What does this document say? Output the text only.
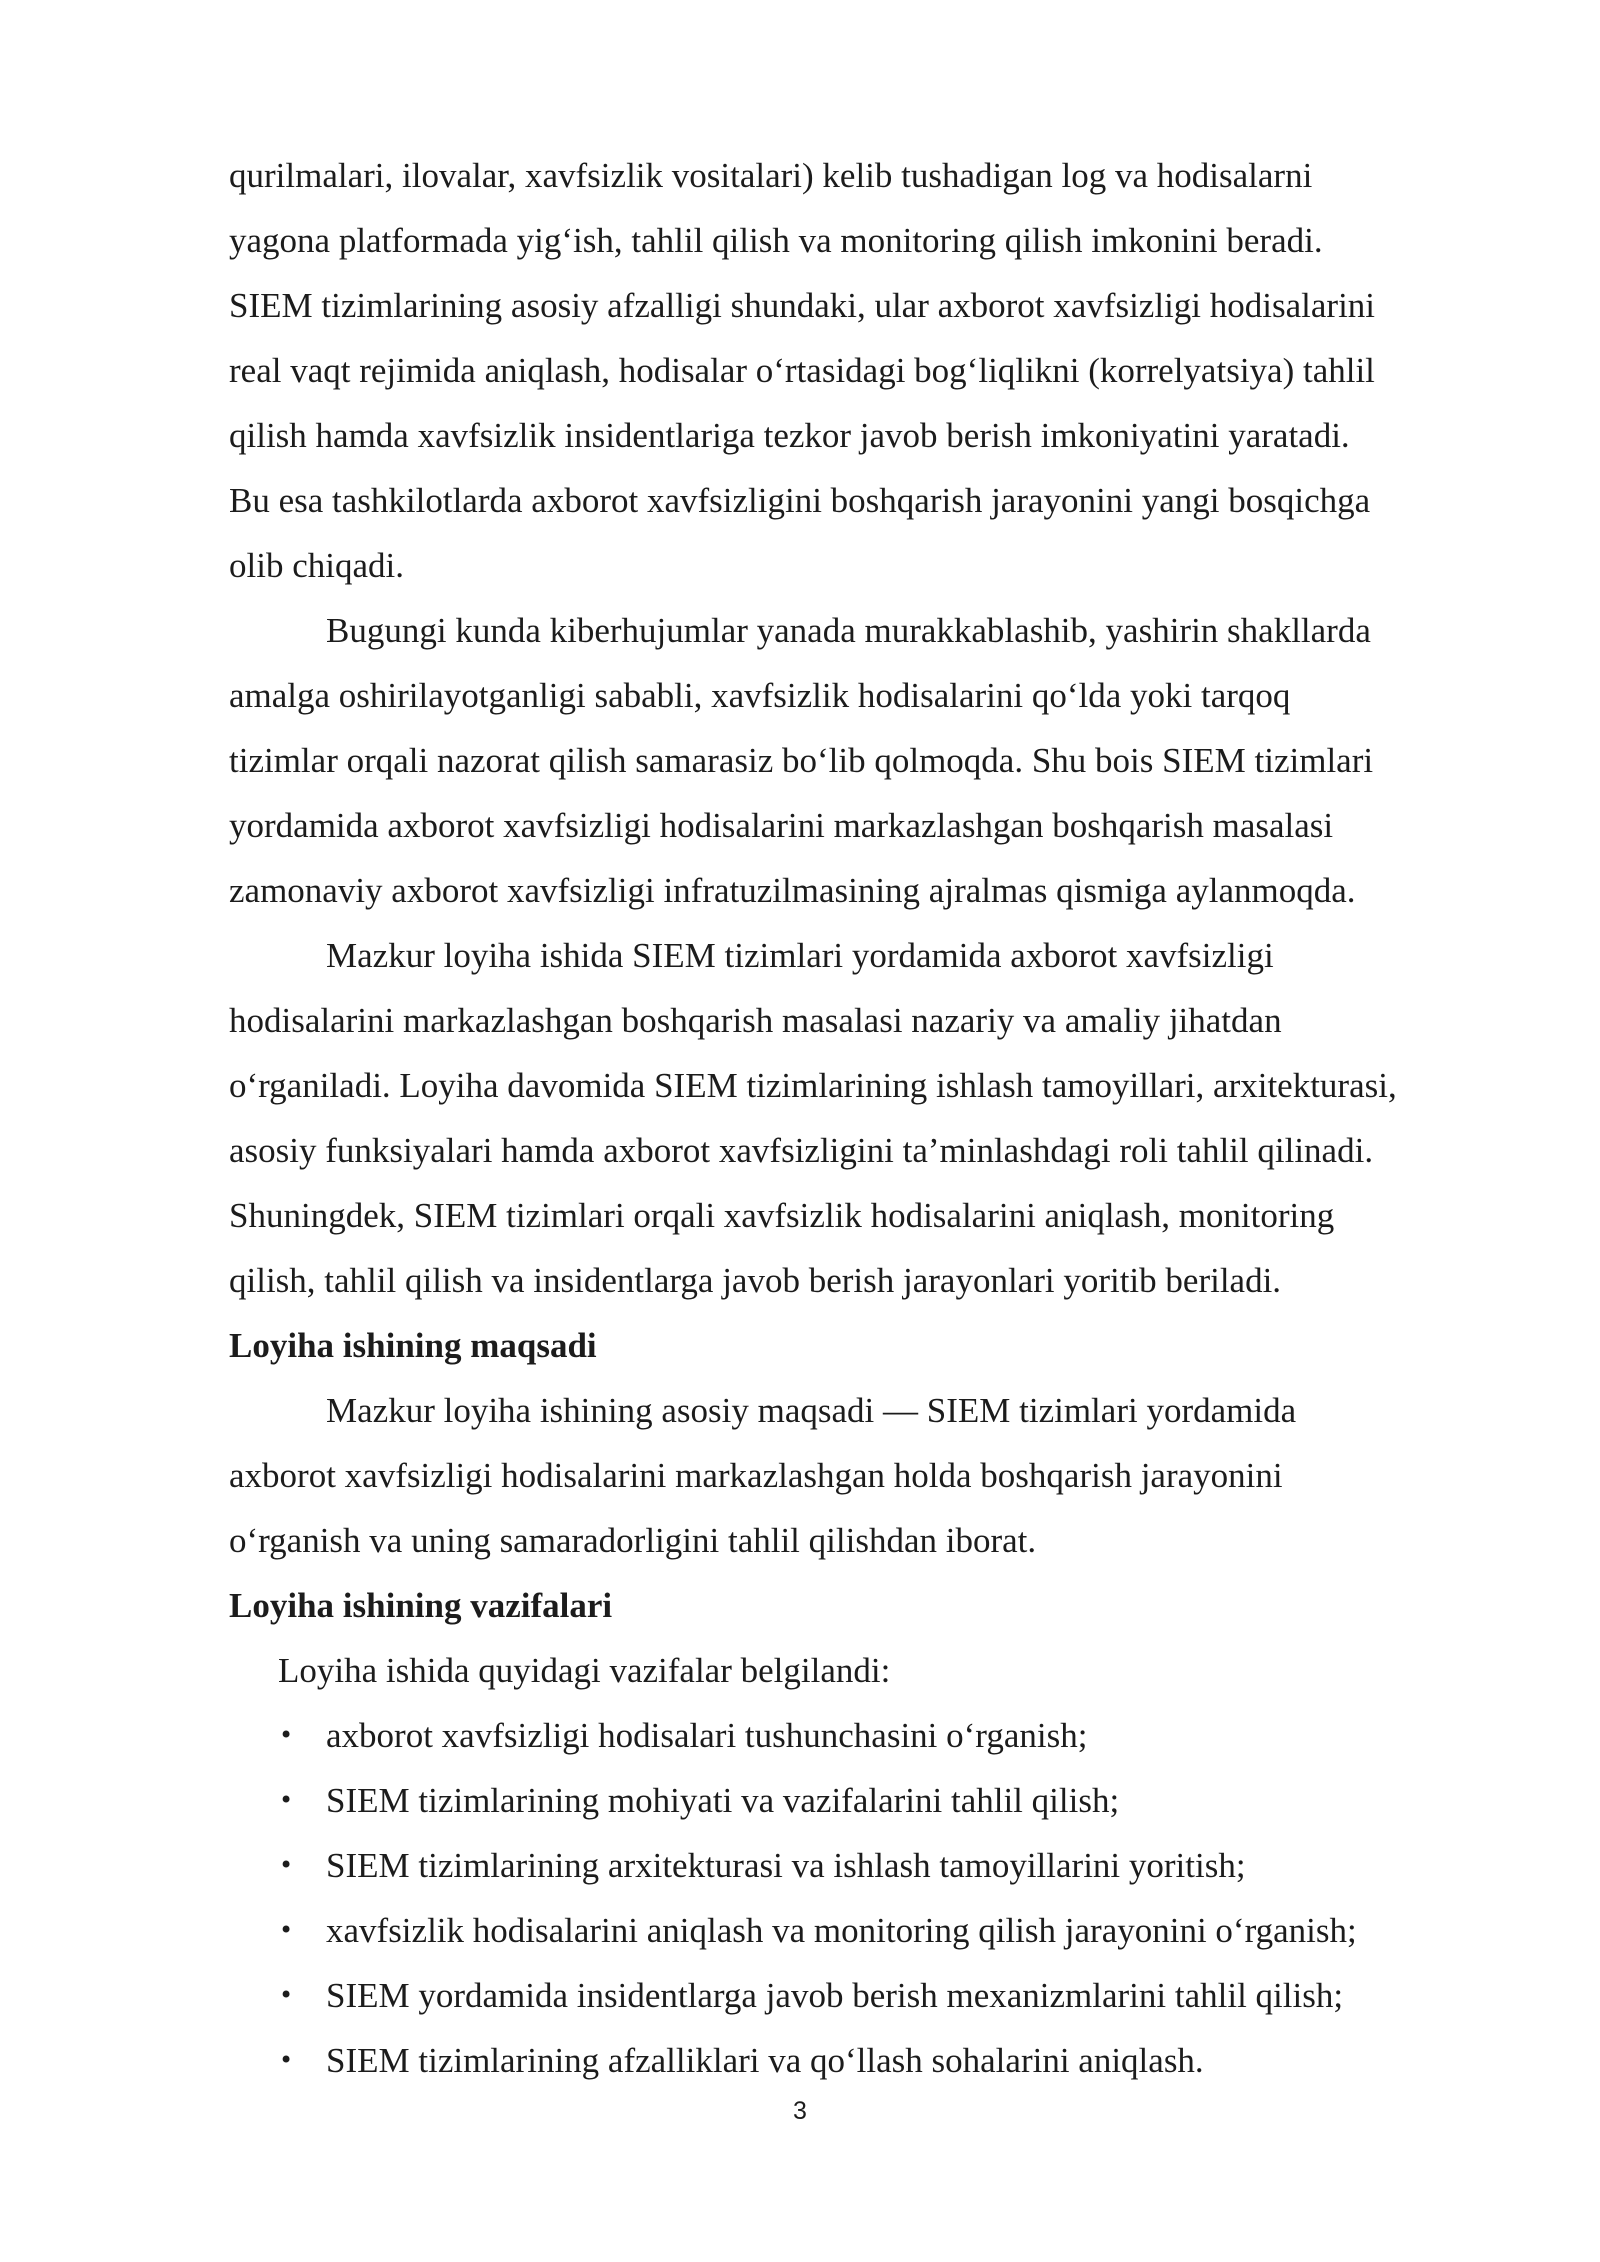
qurilmalari, ilovalar, xavfsizlik vositalari) kelib tushadigan log va hodisalarni
yagona platformada yig‘ish, tahlil qilish va monitoring qilish imkonini beradi.
SIEM tizimlarining asosiy afzalligi shundaki, ular axborot xavfsizligi hodisalarini
real vaqt rejimida aniqlash, hodisalar o‘rtasidagi bog‘liqlikni (korrelyatsiya) tahlil
qilish hamda xavfsizlik insidentlariga tezkor javob berish imkoniyatini yaratadi.
Bu esa tashkilotlarda axborot xavfsizligini boshqarish jarayonini yangi bosqichga
olib chiqadi.

Bugungi kunda kiberhujumlar yanada murakkablashib, yashirin shakllarda
amalga oshirilayotganligi sababli, xavfsizlik hodisalarini qo‘lda yoki tarqoq
tizimlar orqali nazorat qilish samarasiz bo‘lib qolmoqda. Shu bois SIEM tizimlari
yordamida axborot xavfsizligi hodisalarini markazlashgan boshqarish masalasi
zamonaviy axborot xavfsizligi infratuzilmasining ajralmas qismiga aylanmoqda.

Mazkur loyiha ishida SIEM tizimlari yordamida axborot xavfsizligi
hodisalarini markazlashgan boshqarish masalasi nazariy va amaliy jihatdan
o‘rganiladi. Loyiha davomida SIEM tizimlarining ishlash tamoyillari, arxitekturasi,
asosiy funksiyalari hamda axborot xavfsizligini ta’minlashdagi roli tahlil qilinadi.
Shuningdek, SIEM tizimlari orqali xavfsizlik hodisalarini aniqlash, monitoring
qilish, tahlil qilish va insidentlarga javob berish jarayonlari yoritib beriladi.

Loyiha ishining maqsadi

Mazkur loyiha ishining asosiy maqsadi — SIEM tizimlari yordamida
axborot xavfsizligi hodisalarini markazlashgan holda boshqarish jarayonini
o‘rganish va uning samaradorligini tahlil qilishdan iborat.

Loyiha ishining vazifalari
Loyiha ishida quyidagi vazifalar belgilandi:
• axborot xavfsizligi hodisalari tushunchasini o‘rganish;
• SIEM tizimlarining mohiyati va vazifalarini tahlil qilish;
• SIEM tizimlarining arxitekturasi va ishlash tamoyillarini yoritish;
• xavfsizlik hodisalarini aniqlash va monitoring qilish jarayonini o‘rganish;
• SIEM yordamida insidentlarga javob berish mexanizmlarini tahlil qilish;
• SIEM tizimlarining afzalliklari va qo‘llash sohalarini aniqlash.
3
